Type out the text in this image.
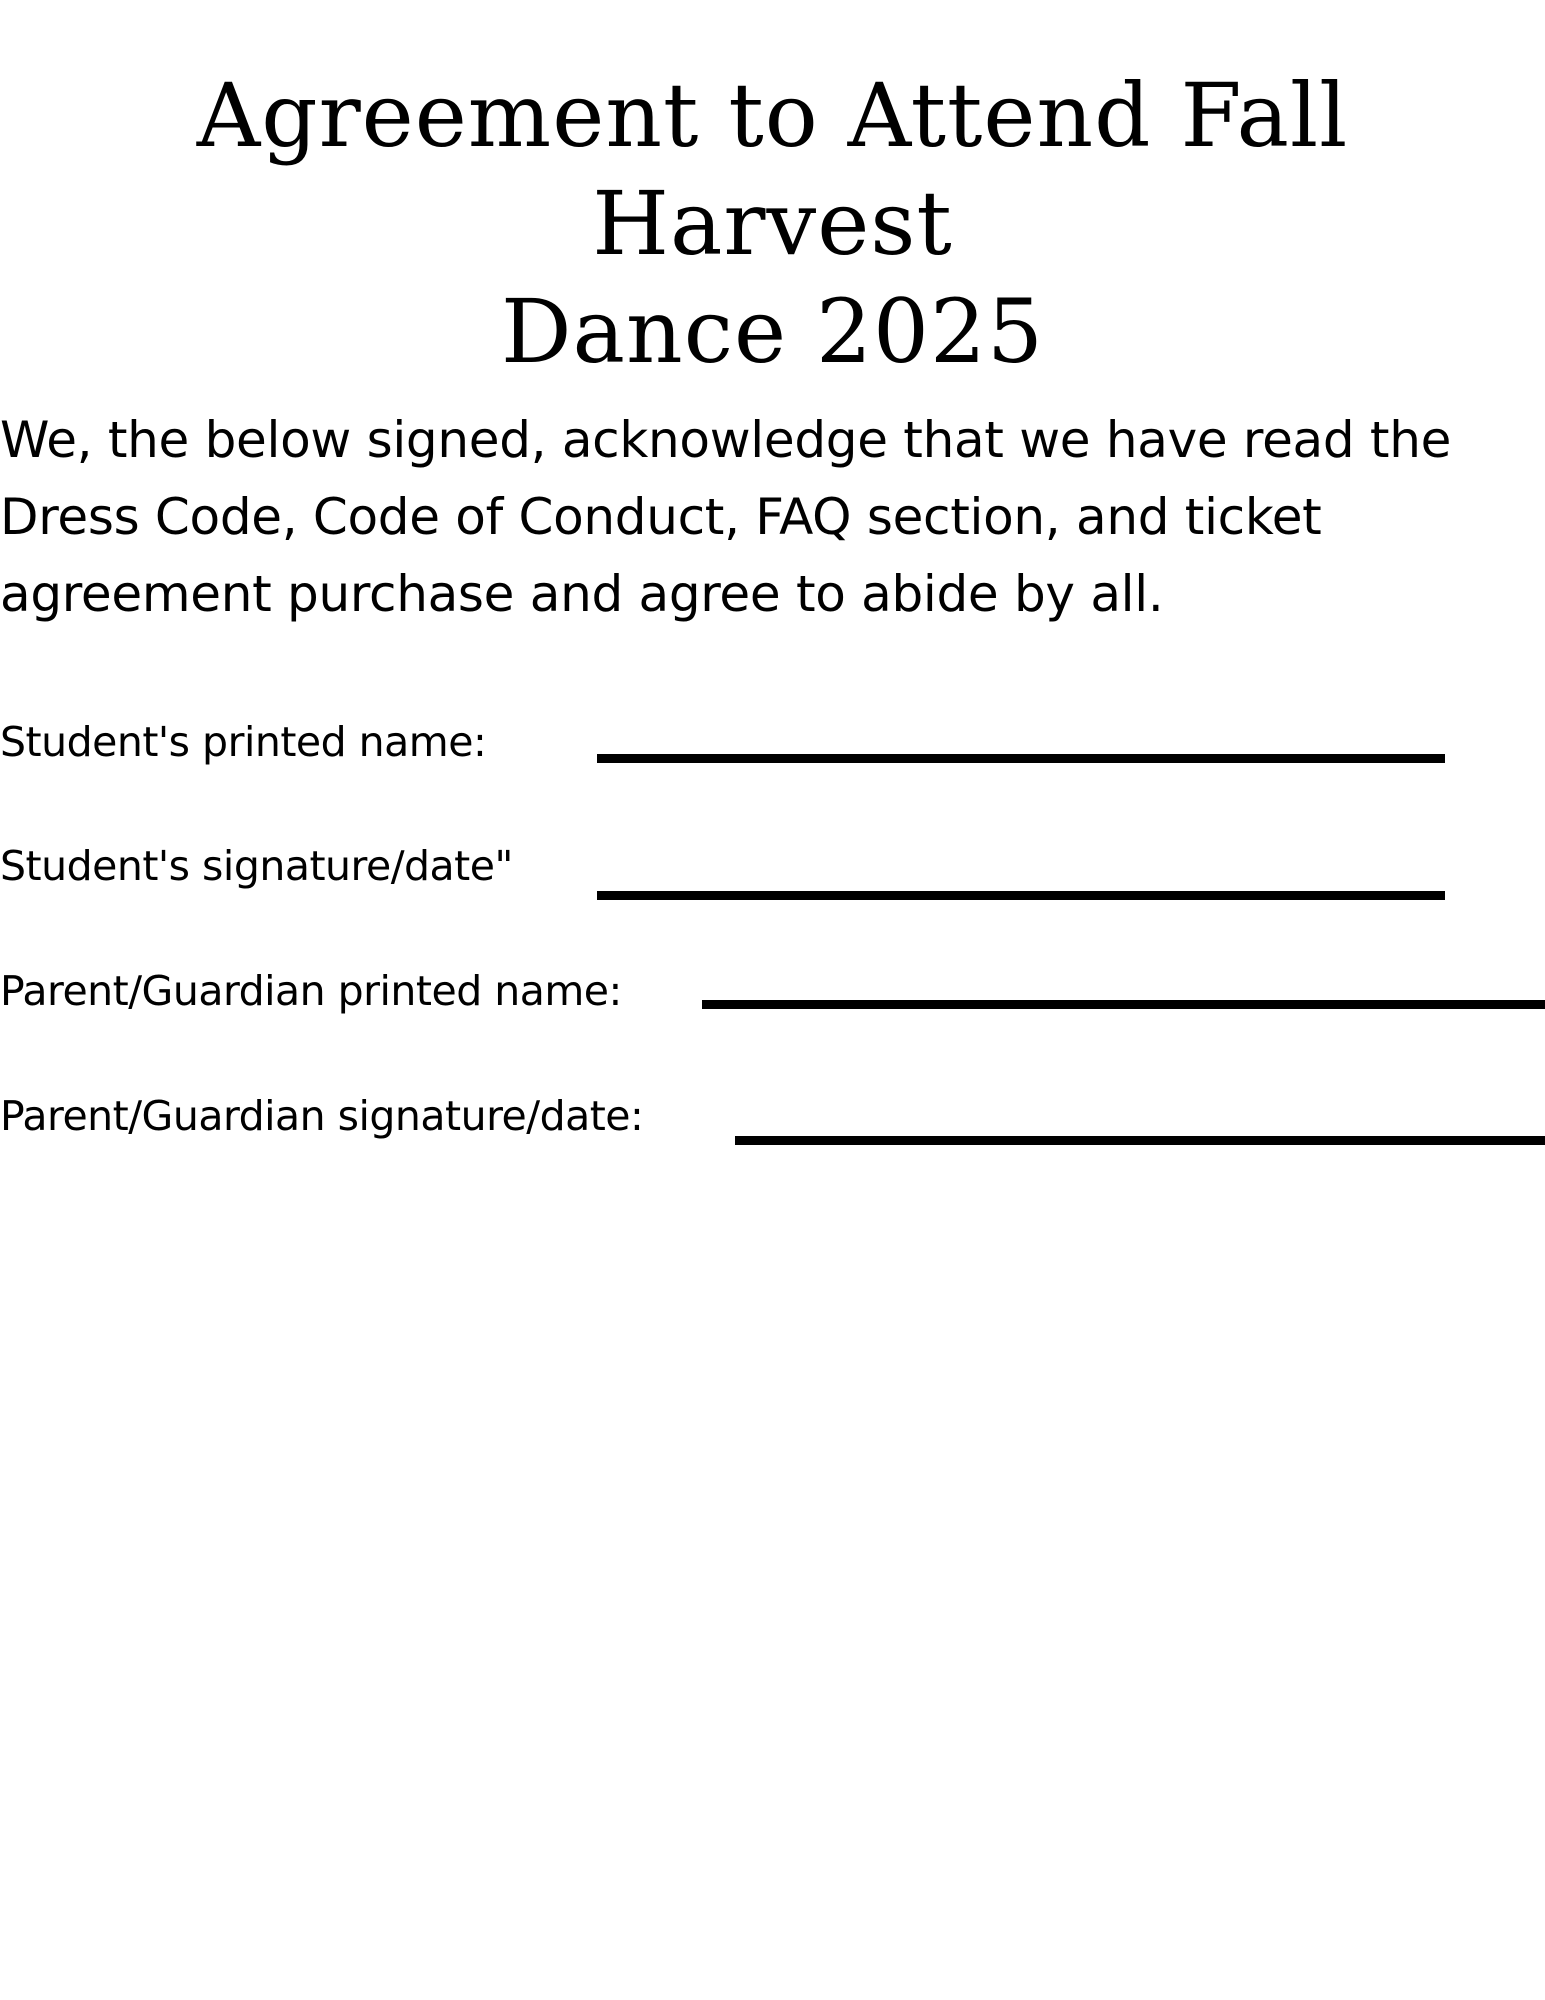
Agreement to Attend Fall Harvest
Dance 2025

We, the below signed, acknowledge that we have read the Dress Code, Code of Conduct, FAQ section, and ticket agreement purchase and agree to abide by all.

Student's printed name:

Student's signature/date"

Parent/Guardian printed name:

Parent/Guardian signature/date:
